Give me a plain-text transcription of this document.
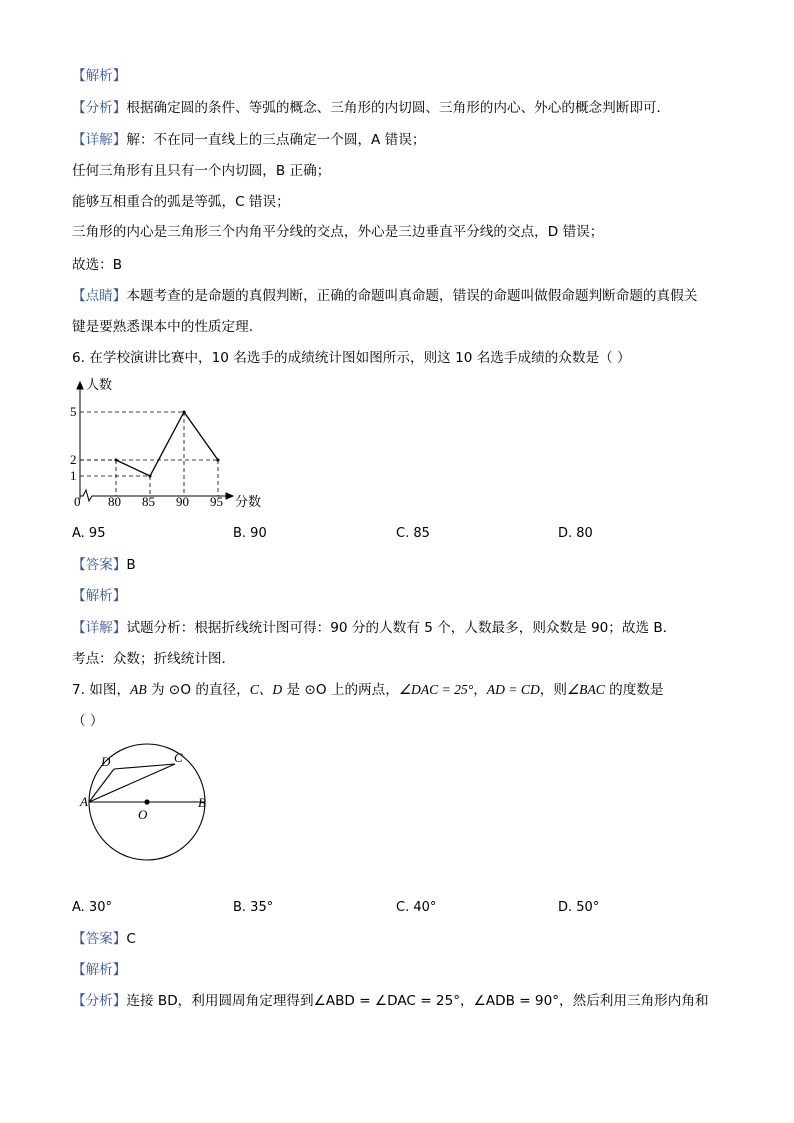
【解析】
【分析】根据确定圆的条件、等弧的概念、三角形的内切圆、三角形的内心、外心的概念判断即可．
【详解】解：不在同一直线上的三点确定一个圆，A 错误；
任何三角形有且只有一个内切圆，B 正确；
能够互相重合的弧是等弧，C 错误；
三角形的内心是三角形三个内角平分线的交点，外心是三边垂直平分线的交点，D 错误；
故选：B
【点睛】本题考查的是命题的真假判断，正确的命题叫真命题，错误的命题叫做假命题判断命题的真假关
键是要熟悉课本中的性质定理．
6. 在学校演讲比赛中，10 名选手的成绩统计图如图所示，则这 10 名选手成绩的众数是（ ）
80 85 90 95
1
2
5
0
人数
分数
A. 95	B. 90	C. 85	D. 80
【答案】B
【解析】
【详解】试题分析：根据折线统计图可得：90 分的人数有 5 个，人数最多，则众数是 90；故选 B．
考点：众数；折线统计图．
7. 如图，AB 为 ⊙O 的直径，C、D 是 ⊙O 上的两点，∠DAC = 25°，AD = CD，则∠BAC 的度数是
（ ）
A	B
C
D
O
A. 30°	B. 35°	C. 40°	D. 50°
【答案】C
【解析】
【分析】连接 BD，利用圆周角定理得到∠ABD = ∠DAC = 25°，∠ADB = 90°，然后利用三角形内角和
